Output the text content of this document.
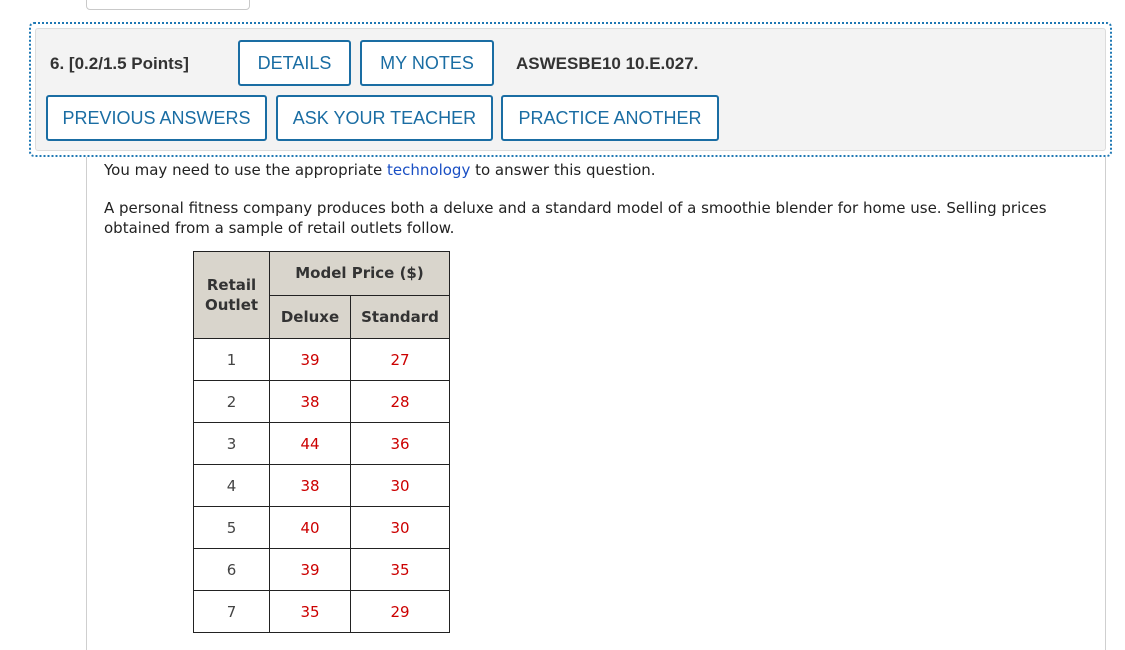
6. [0.2/1.5 Points]	DETAILS	MY NOTES	ASWESBE10 10.E.027.
PREVIOUS ANSWERS	ASK YOUR TEACHER	PRACTICE ANOTHER
You may need to use the appropriate technology to answer this question.
A personal fitness company produces both a deluxe and a standard model of a smoothie blender for home use. Selling prices obtained from a sample of retail outlets follow.
Retail Outlet	Model Price ($)	
	Deluxe	Standard
1	39	27
2	38	28
3	44	36
4	38	30
5	40	30
6	39	35
7	35	29
